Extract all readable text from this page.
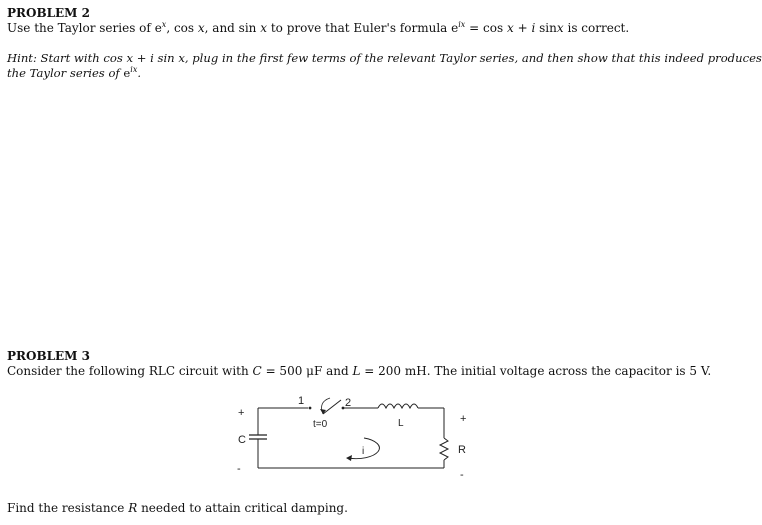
PROBLEM 2
Use the Taylor series of $e^x$, cos x, and sin x to prove that Euler's formula $e^{ix} = \cos x + i$ sinx is correct.
Hint: Start with cos x + i sin x, plug in the first few terms of the relevant Taylor series, and then show that this indeed produces
the Taylor series of $e^{ix}$.
PROBLEM 3
Consider the following RLC circuit with C = 500 μF and L = 200 mH. The initial voltage across the capacitor is 5 V.
+
C
-
1	2
t=0	L	+
R
-
i
Find the resistance R needed to attain critical damping.
